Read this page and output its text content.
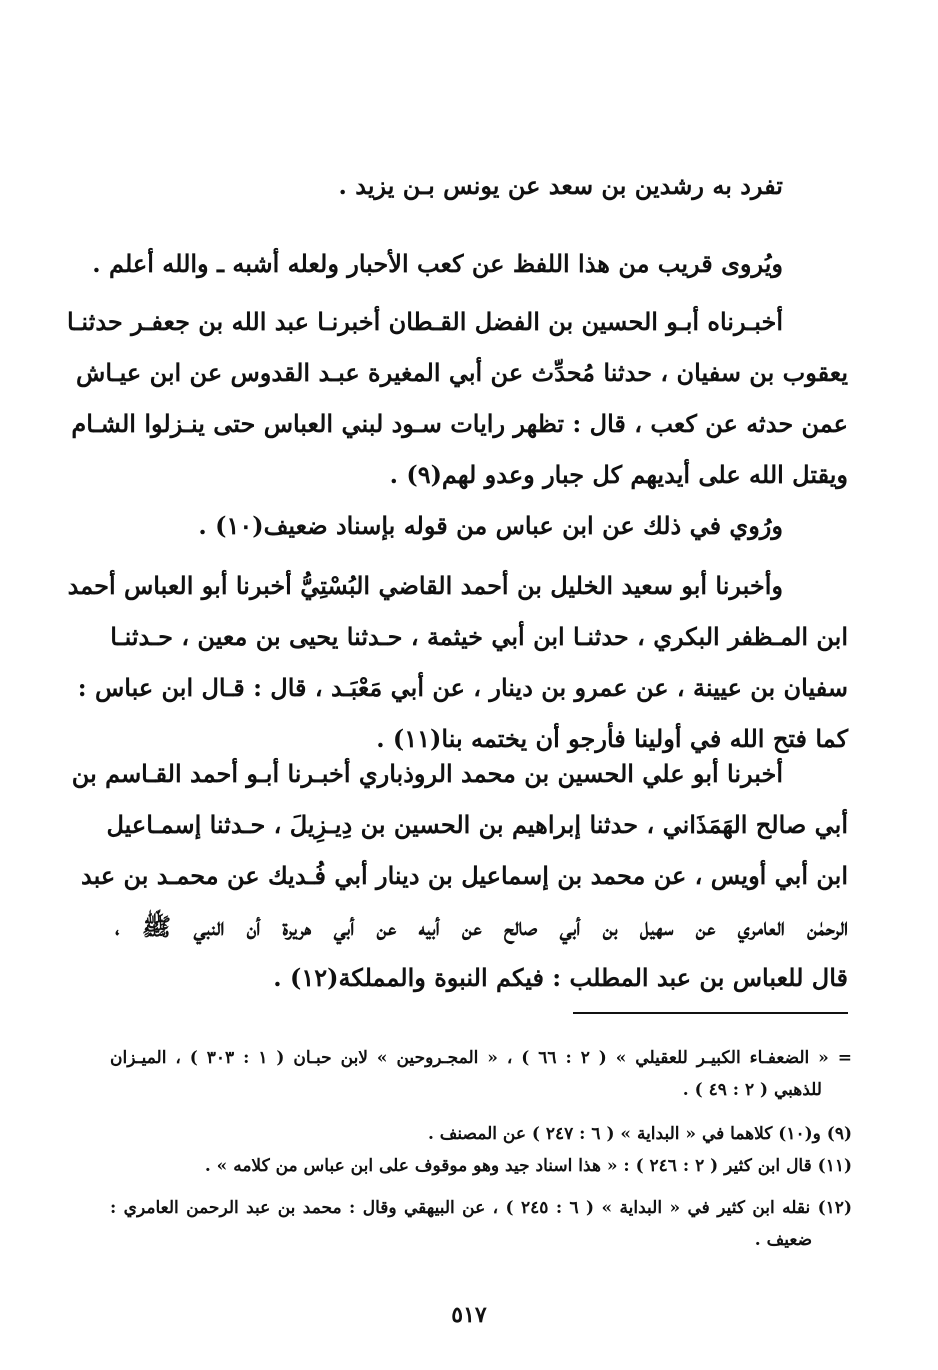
تفرد به رشدين بن سعد عن يونس بـن يزيد .
ويُروى قريب من هذا اللفظ عن كعب الأحبار ولعله أشبه ـ والله أعلم .
أخبـرناه أبـو الحسين بن الفضل القـطان أخبرنـا عبد الله بن جعفـر حدثنـا
يعقوب بن سفيان ، حدثنا مُحدِّث عن أبي المغيرة عبـد القدوس عن ابن عيـاش
عمن حدثه عن كعب ، قال : تظهر رايات سـود لبني العباس حتى ينـزلوا الشـام
ويقتل الله على أيديهم كل جبار وعدو لهم(٩) .
ورُوي في ذلك عن ابن عباس من قوله بإسناد ضعيف(١٠) .
وأخبرنا أبو سعيد الخليل بن أحمد القاضي البُسْتِيُّ أخبرنا أبو العباس أحمد
ابن المـظفر البكري ، حدثنـا ابن أبي خيثمة ، حـدثنا يحيى بن معين ، حـدثنـا
سفيان بن عيينة ، عن عمرو بن دينار ، عن أبي مَعْبَـد ، قال : قـال ابن عباس :
كما فتح الله في أولينا فأرجو أن يختمه بنا(١١) .
أخبرنا أبو علي الحسين بن محمد الروذباري أخبـرنا أبـو أحمد القـاسم بن
أبي صالح الهَمَذَاني ، حدثنا إبراهيم بن الحسين بن دِيـزِيلَ ، حـدثنا إسمـاعيل
ابن أبي أويس ، عن محمد بن إسماعيل بن دينار أبي فُـديك عن محمـد بن عبد
الرحمٰن العامري عن سهيل بن أبي صالح عن أبيه عن أبي هريرة أن النبي ﷺ ،
قال للعباس بن عبد المطلب : فيكم النبوة والمملكة(١٢) .
= « الضعفـاء الكبيـر للعقيلي » ( ٢ : ٦٦ ) ، « المجـروحين » لابن حبـان ( ١ : ٣٠٣ ) ، الميـزان
للذهبي ( ٢ : ٤٩ ) .
(٩) و(١٠) كلاهما في « البداية » ( ٦ : ٢٤٧ ) عن المصنف .
(١١) قال ابن كثير ( ٢ : ٢٤٦ ) : « هذا اسناد جيد وهو موقوف على ابن عباس من كلامه » .
(١٢) نقله ابن كثير في « البداية » ( ٦ : ٢٤٥ ) ، عن البيهقي وقال : محمد بن عبد الرحمن العامري :
ضعيف .
٥١٧
